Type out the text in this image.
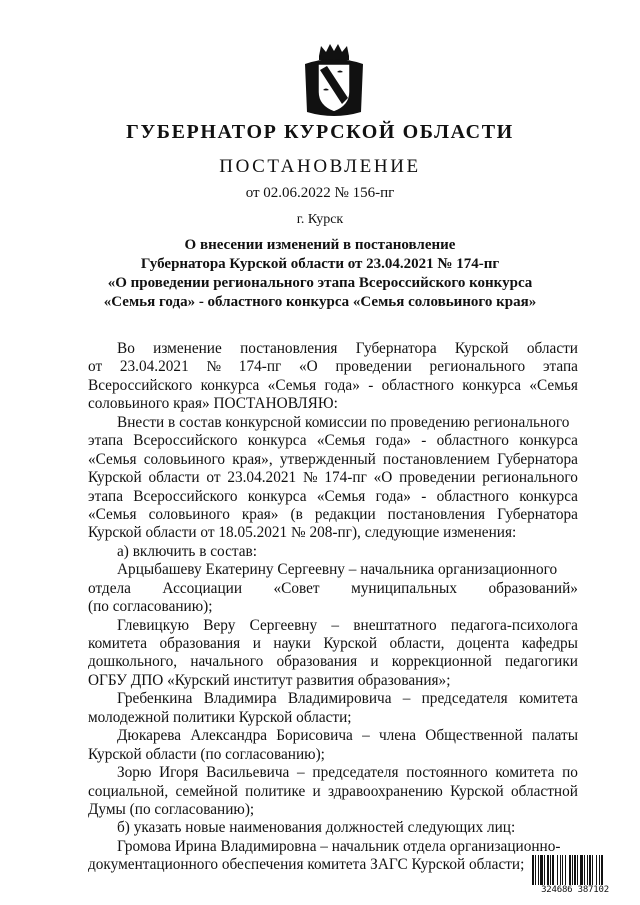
ГУБЕРНАТОР КУРСКОЙ ОБЛАСТИ
ПОСТАНОВЛЕНИЕ
от 02.06.2022 № 156-пг
г. Курск
О внесении изменений в постановление
Губернатора Курской области от 23.04.2021 № 174-пг
«О проведении регионального этапа Всероссийского конкурса
«Семья года» - областного конкурса «Семья соловьиного края»
Во изменение постановления Губернатора Курской области
от 23.04.2021 № 174-пг «О проведении регионального этапа
Всероссийского конкурса «Семья года» - областного конкурса «Семья
соловьиного края» ПОСТАНОВЛЯЮ:
Внести в состав конкурсной комиссии по проведению регионального
этапа Всероссийского конкурса «Семья года» - областного конкурса
«Семья соловьиного края», утвержденный постановлением Губернатора
Курской области от 23.04.2021 № 174-пг «О проведении регионального
этапа Всероссийского конкурса «Семья года» - областного конкурса
«Семья соловьиного края» (в редакции постановления Губернатора
Курской области от 18.05.2021 № 208-пг), следующие изменения:
а) включить в состав:
Арцыбашеву Екатерину Сергеевну – начальника организационного
отдела Ассоциации «Совет муниципальных образований»
(по согласованию);
Глевицкую Веру Сергеевну – внештатного педагога-психолога
комитета образования и науки Курской области, доцента кафедры
дошкольного, начального образования и коррекционной педагогики
ОГБУ ДПО «Курский институт развития образования»;
Гребенкина Владимира Владимировича – председателя комитета
молодежной политики Курской области;
Дюкарева Александра Борисовича – члена Общественной палаты
Курской области (по согласованию);
Зорю Игоря Васильевича – председателя постоянного комитета по
социальной, семейной политике и здравоохранению Курской областной
Думы (по согласованию);
б) указать новые наименования должностей следующих лиц:
Громова Ирина Владимировна – начальник отдела организационно-
документационного обеспечения комитета ЗАГС Курской области;
324686 387102
